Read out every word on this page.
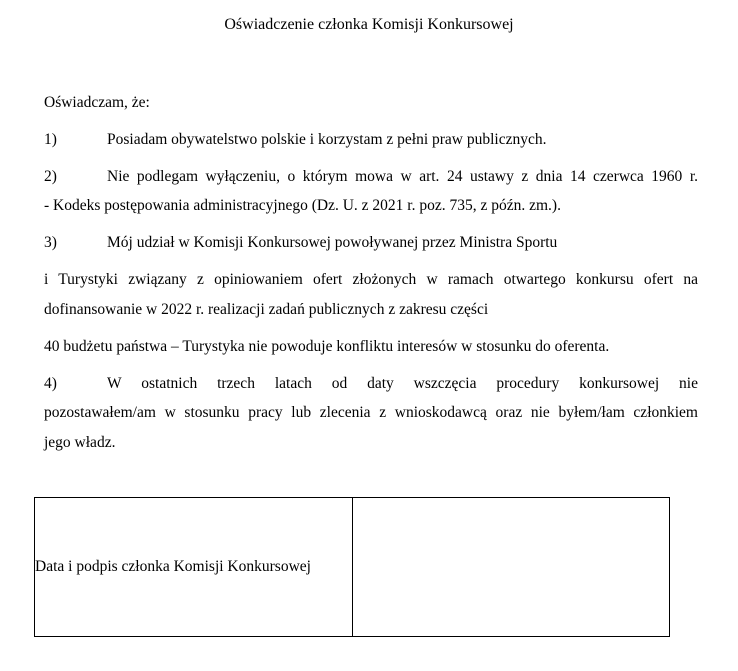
Oświadczenie członka Komisji Konkursowej
Oświadczam, że:
1)	Posiadam obywatelstwo polskie i korzystam z pełni praw publicznych.
2)	Nie podlegam wyłączeniu, o którym mowa w art. 24 ustawy z dnia 14 czerwca 1960 r.
- Kodeks postępowania administracyjnego (Dz. U. z 2021 r. poz. 735, z późn. zm.).
3)	Mój udział w Komisji Konkursowej powoływanej przez Ministra Sportu
i Turystyki związany z opiniowaniem ofert złożonych w ramach otwartego konkursu ofert na
dofinansowanie w 2022 r. realizacji zadań publicznych z zakresu części
40 budżetu państwa – Turystyka nie powoduje konfliktu interesów w stosunku do oferenta.
4)	W ostatnich trzech latach od daty wszczęcia procedury konkursowej nie
pozostawałem/am w stosunku pracy lub zlecenia z wnioskodawcą oraz nie byłem/łam członkiem
jego władz.
Data i podpis członka Komisji Konkursowej	
